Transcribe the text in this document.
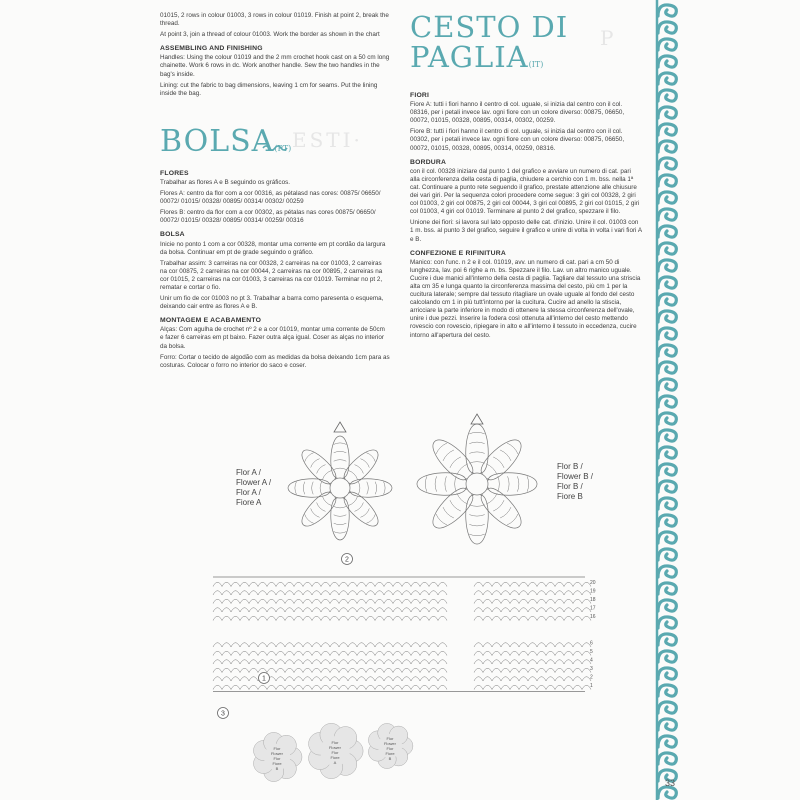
ESTI·
P

01015, 2 rows in colour 01003, 3 rows in colour 01019. Finish at point 2, break the thread.

At point 3, join a thread of colour 01003. Work the border as shown in the chart

ASSEMBLING AND FINISHING

Handles: Using the colour 01019 and the 2 mm crochet hook cast on a 50 cm long chainette. Work 6 rows in dc. Work another handle. Sew the two handles in the bag's inside.

Lining: cut the fabric to bag dimensions, leaving 1 cm for seams. Put the lining inside the bag.

BOLSA(PT)
FLORES

Trabalhar as flores A e B seguindo os gráficos.

Flores A: centro da flor com a cor 00316, as pétalasd nas cores: 00875/ 06650/ 00072/ 01015/ 00328/ 00895/ 00314/ 00302/ 00259

Flores B: centro da flor com a cor 00302, as pétalas nas cores 00875/ 06650/ 00072/ 01015/ 00328/ 00895/ 00314/ 00259/ 00316

BOLSA

Inicie no ponto 1 com a cor 00328, montar uma corrente em pt cordão da largura da bolsa. Continuar em pt de grade seguindo o gráfico.

Trabalhar assim: 3 carreiras na cor 00328, 2 carreiras na cor 01003, 2 carreiras na cor 00875, 2 carreiras na cor 00044, 2 carreiras na cor 00895, 2 carreiras na cor 01015, 2 carreiras na cor 01003, 3 carreiras na cor 01019. Terminar no pt 2, rematar e cortar o fio.

Unir um fio de cor 01003 no pt 3. Trabalhar a barra como paresenta o esquema, deixando cair entre as flores A e B.

MONTAGEM E ACABAMENTO

Alças: Com agulha de crochet nº 2 e a cor 01019, montar uma corrente de 50cm e fazer 6 carreiras em pt baixo. Fazer outra alça igual. Coser as alças no interior da bolsa.

Forro: Cortar o tecido de algodão com as medidas da bolsa deixando 1cm para as costuras. Colocar o forro no interior do saco e coser.

CESTO DI
PAGLIA(IT)
FIORI

Fiore A: tutti i fiori hanno il centro di col. uguale, si inizia dal centro con il col. 08316, per i petali invece lav. ogni fiore con un colore diverso: 00875, 06650, 00072, 01015, 00328, 00895, 00314, 00302, 00259.

Fiore B: tutti i fiori hanno il centro di col. uguale, si inizia dal centro con il col. 00302, per i petali invece lav. ogni fiore con un colore diverso: 00875, 06650, 00072, 01015, 00328, 00895, 00314, 00259, 08316.

BORDURA

con il col. 00328 iniziare dal punto 1 del grafico e avviare un numero di cat. pari alla circonferenza della cesta di paglia, chiudere a cerchio con 1 m. bss. nella 1ª cat. Continuare a punto rete seguendo il grafico, prestate attenzione alle chiusure dei vari giri. Per la sequenza colori procedere come segue: 3 giri col 00328, 2 giri col 01003, 2 giri col 00875, 2 giri col 00044, 3 giri col 00895, 2 giri col 01015, 2 giri col 01003, 4 giri col 01019. Terminare al punto 2 del grafico, spezzare il filo.

Unione dei fiori: si lavora sul lato opposto delle cat. d'inizio. Unire il col. 01003 con 1 m. bss. al punto 3 del grafico, seguire il grafico e unire di volta in volta i vari fiori A e B.

CONFEZIONE E RIFINITURA

Manico: con l'unc. n 2 e il col. 01019, avv. un numero di cat. pari a cm 50 di lunghezza, lav. poi 6 righe a m. bs. Spezzare il filo. Lav. un altro manico uguale. Cucire i due manici all'interno della cesta di paglia. Tagliare dal tessuto una striscia alta cm 35 e lunga quanto la circonferenza massima del cesto, più cm 1 per la cucitura laterale; sempre dal tessuto ritagliare un ovale uguale al fondo del cesto calcolando cm 1 in più tutt'intorno per la cucitura. Cucire ad anello la stiscia, arricciare la parte inferiore in modo di ottenere la stessa circonferenza dell'ovale, unire i due pezzi. Inserire la fodera così ottenuta all'interno del cesto mettendo rovescio con rovescio, ripiegare in alto e all'interno il tessuto in eccedenza, cucire intorno all'apertura del cesto.

Flor A /
Flower A /
Flor A /
Fiore A
Flor B /
Flower B /
Flor B /
Fiore B
20
19
18
17
16
6
5
4
3
2
1
2
1
3
Flor Flower Flor Fiore B
Flor Flower Flor Fiore A
Flor Flower Flor Fiore B
33
